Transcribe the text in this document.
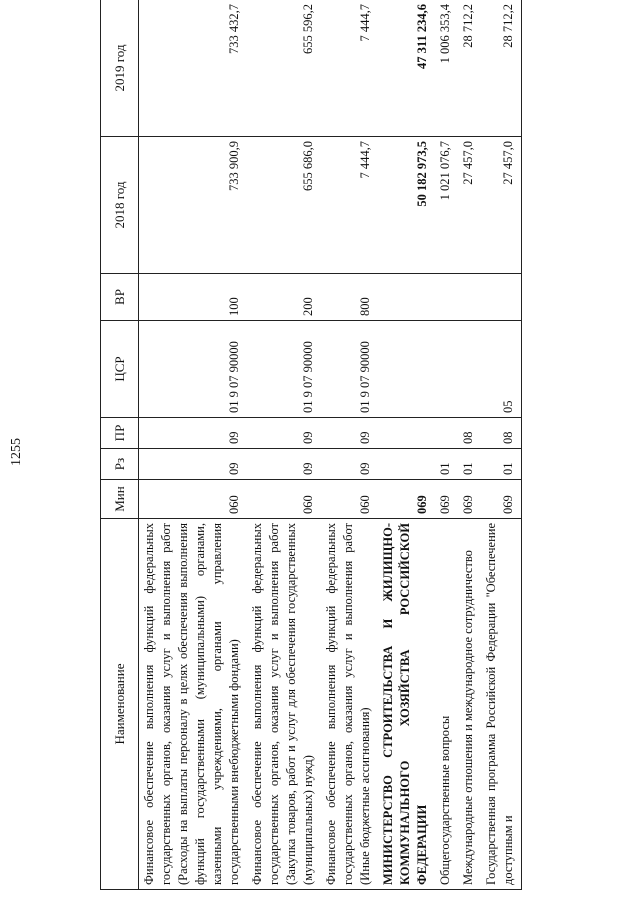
1255
Наименование	Мин	Рз	ПР	ЦСР	ВР	2018 год	2019 год
Финансовое обеспечение выполнения функций федеральных государственных органов, оказания услуг и выполнения работ (Расходы на выплаты персоналу в целях обеспечения выполнения функций государственными (муниципальными) органами, казенными учреждениями, органами управления государственными внебюджетными фондами)	060	09	09	01 9 07 90000	100	733 900,9	733 432,7
Финансовое обеспечение выполнения функций федеральных государственных органов, оказания услуг и выполнения работ (Закупка товаров, работ и услуг для обеспечения государственных (муниципальных) нужд)	060	09	09	01 9 07 90000	200	655 686,0	655 596,2
Финансовое обеспечение выполнения функций федеральных государственных органов, оказания услуг и выполнения работ (Иные бюджетные ассигнования)	060	09	09	01 9 07 90000	800	7 444,7	7 444,7
МИНИСТЕРСТВО СТРОИТЕЛЬСТВА И ЖИЛИЩНО-КОММУНАЛЬНОГО ХОЗЯЙСТВА РОССИЙСКОЙ ФЕДЕРАЦИИ	069					50 182 973,5	47 311 234,6
Общегосударственные вопросы	069	01				1 021 076,7	1 006 353,4
Международные отношения и международное сотрудничество	069	01	08			27 457,0	28 712,2
Государственная программа Российской Федерации "Обеспечение доступным и	069	01	08	05		27 457,0	28 712,2
